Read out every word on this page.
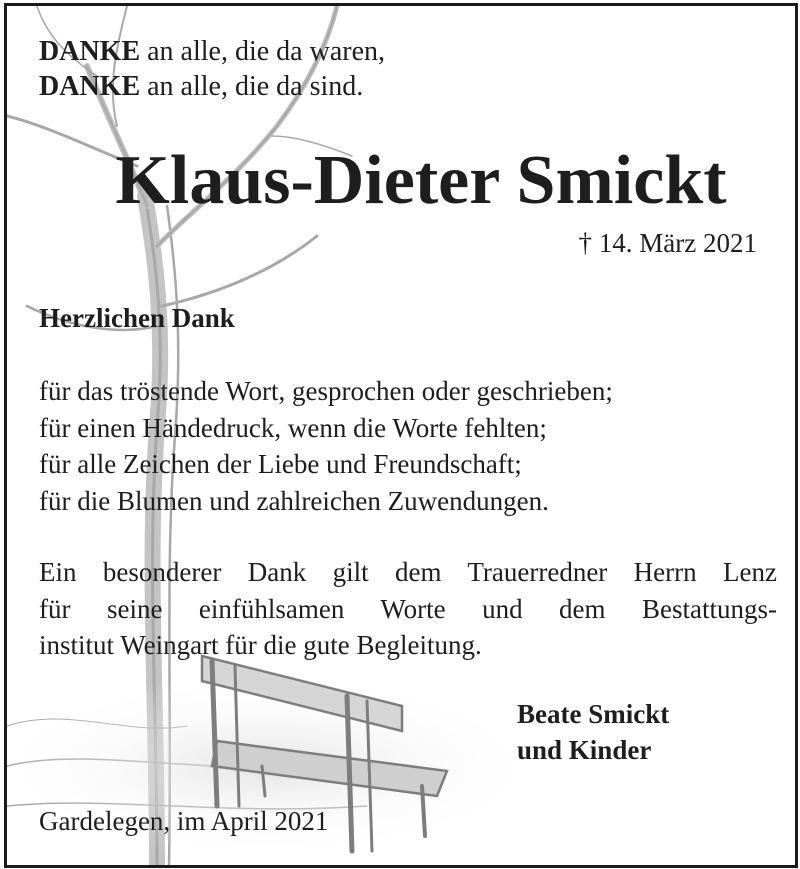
DANKE an alle, die da waren,
DANKE an alle, die da sind.
Klaus-Dieter Smickt
† 14. März 2021
Herzlichen Dank
für das tröstende Wort, gesprochen oder geschrieben;
für einen Händedruck, wenn die Worte fehlten;
für alle Zeichen der Liebe und Freundschaft;
für die Blumen und zahlreichen Zuwendungen.
Ein besonderer Dank gilt dem Trauerredner Herrn Lenz
für seine einfühlsamen Worte und dem Bestattungs-
institut Weingart für die gute Begleitung.
Beate Smickt
und Kinder
Gardelegen, im April 2021
